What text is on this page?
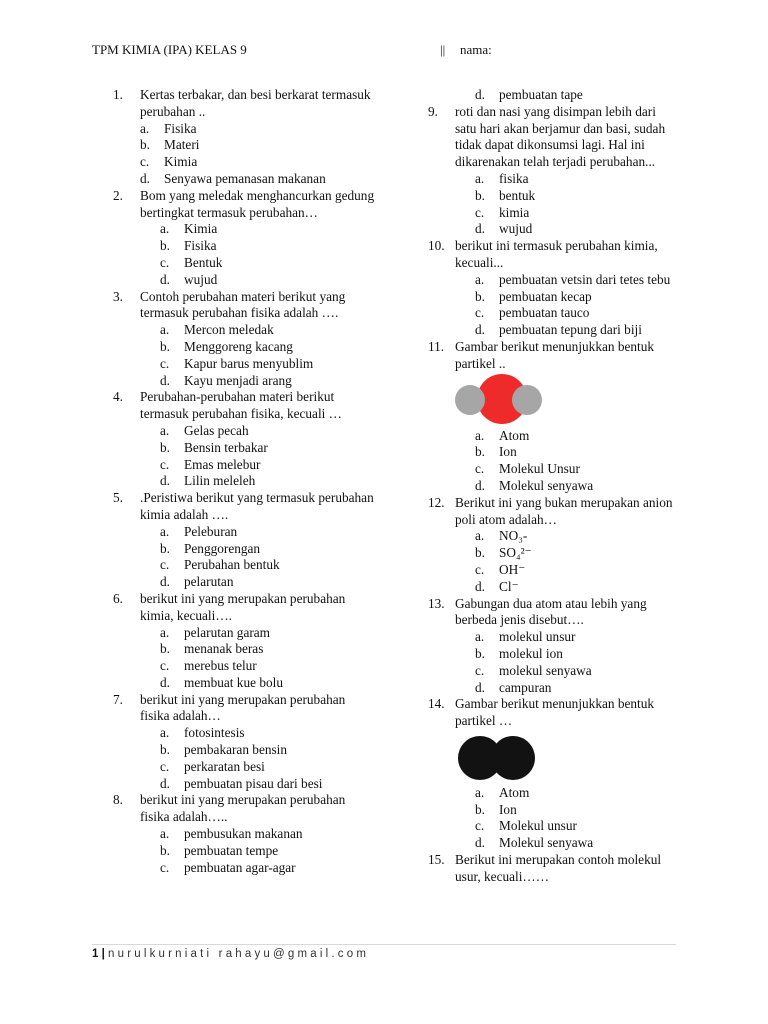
TPM KIMIA (IPA) KELAS 9	|| nama:
1.	Kertas terbakar, dan besi berkarat termasuk perubahan ..
a.	Fisika
b.	Materi
c.	Kimia
d.	Senyawa pemanasan makanan
2.	Bom yang meledak menghancurkan gedung bertingkat termasuk perubahan…
a.	Kimia
b.	Fisika
c.	Bentuk
d.	wujud
3.	Contoh perubahan materi berikut yang termasuk perubahan fisika adalah ….
a.	Mercon meledak
b.	Menggoreng kacang
c.	Kapur barus menyublim
d.	Kayu menjadi arang
4.	Perubahan-perubahan materi berikut termasuk perubahan fisika, kecuali …
a.	Gelas pecah
b.	Bensin terbakar
c.	Emas melebur
d.	Lilin meleleh
5.	.Peristiwa berikut yang termasuk perubahan kimia adalah ….
a.	Peleburan
b.	Penggorengan
c.	Perubahan bentuk
d.	pelarutan
6.	berikut ini yang merupakan perubahan kimia, kecuali….
a.	pelarutan garam
b.	menanak beras
c.	merebus telur
d.	membuat kue bolu
7.	berikut ini yang merupakan perubahan fisika adalah…
a.	fotosintesis
b.	pembakaran bensin
c.	perkaratan besi
d.	pembuatan pisau dari besi
8.	berikut ini yang merupakan perubahan fisika adalah…..
a.	pembusukan makanan
b.	pembuatan tempe
c.	pembuatan agar-agar
d.	pembuatan tape
9.	roti dan nasi yang disimpan lebih dari satu hari akan berjamur dan basi, sudah tidak dapat dikonsumsi lagi. Hal ini dikarenakan telah terjadi perubahan...
a.	fisika
b.	bentuk
c.	kimia
d.	wujud
10. berikut ini termasuk perubahan kimia, kecuali...
a.	pembuatan vetsin dari tetes tebu
b.	pembuatan kecap
c.	pembuatan tauco
d.	pembuatan tepung dari biji
11. Gambar berikut menunjukkan bentuk partikel ..
a.	Atom
b.	Ion
c.	Molekul Unsur
d.	Molekul senyawa
12. Berikut ini yang bukan merupakan anion poli atom adalah…
a.	NO₃-
b.	SO₄²⁻
c.	OH⁻
d.	Cl⁻
13. Gabungan dua atom atau lebih yang berbeda jenis disebut….
a.	molekul unsur
b.	molekul ion
c.	molekul senyawa
d.	campuran
14. Gambar berikut menunjukkan bentuk partikel …
a.	Atom
b.	Ion
c.	Molekul unsur
d.	Molekul senyawa
15. Berikut ini merupakan contoh molekul usur, kecuali……
1 | nurulkurniati rahayu@gmail.com
